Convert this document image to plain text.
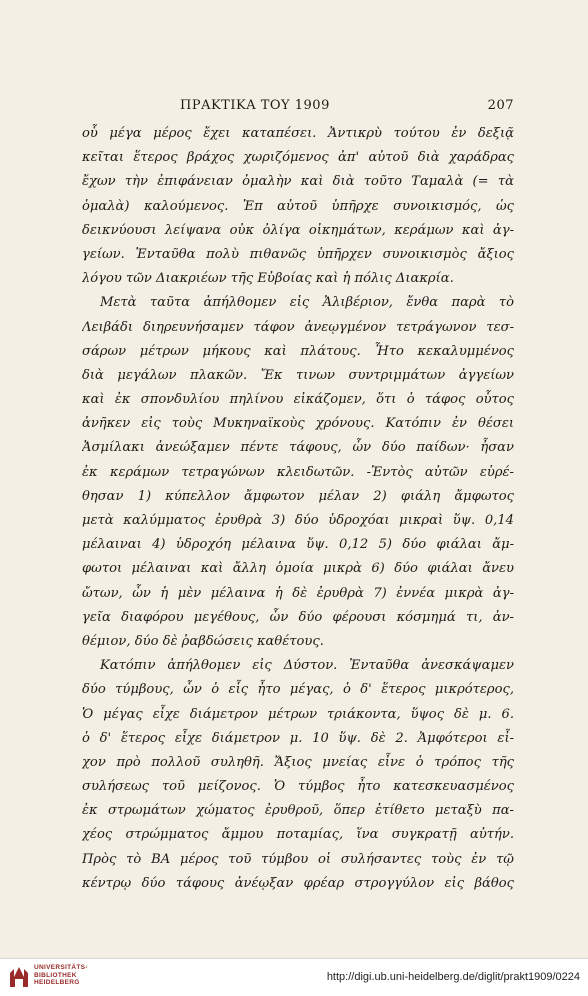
ΠΡΑΚΤΙΚΑ ΤΟΥ 1909	207
οὗ μέγα μέρος ἔχει καταπέσει. Ἀντικρὺ τούτου ἐν δεξιᾷ
κεῖται ἕτερος βράχος χωριζόμενος ἀπ' αὐτοῦ διὰ χαράδρας
ἔχων τὴν ἐπιφάνειαν ὁμαλὴν καὶ διὰ τοῦτο Ταμαλὰ (= τὰ
ὁμαλὰ) καλούμενος. Ἐπ αὐτοῦ ὑπῆρχε συνοικισμός, ὡς
δεικνύουσι λείψανα οὐκ ὀλίγα οἰκημάτων, κεράμων καὶ ἀγ-
γείων. Ἐνταῦθα πολὺ πιθανῶς ὑπῆρχεν συνοικισμὸς ἄξιος
λόγου τῶν Διακριέων τῆς Εὐβοίας καὶ ἡ πόλις Διακρία.
Μετὰ ταῦτα ἀπήλθομεν εἰς Ἀλιβέριον, ἔνθα παρὰ τὸ
Λειβάδι διηρευνήσαμεν τάφον ἀνεῳγμένον τετράγωνον τεσ-
σάρων μέτρων μήκους καὶ πλάτους. Ἦτο κεκαλυμμένος
διὰ μεγάλων πλακῶν. Ἔκ τινων συντριμμάτων ἀγγείων
καὶ ἐκ σπονδυλίου πηλίνου εἰκάζομεν, ὅτι ὁ τάφος οὗτος
ἀνῆκεν εἰς τοὺς Μυκηναϊκοὺς χρόνους. Κατόπιν ἐν θέσει
Ἀσμίλακι ἀνεώξαμεν πέντε τάφους, ὧν δύο παίδων· ἦσαν
ἐκ κεράμων τετραγώνων κλειδωτῶν. -Ἐντὸς αὐτῶν εὑρέ-
θησαν 1) κύπελλον ἄμφωτον μέλαν 2) φιάλη ἄμφωτος
μετὰ καλύμματος ἐρυθρὰ 3) δύο ὑδροχόαι μικραὶ ὕψ. 0,14
μέλαιναι 4) ὑδροχόη μέλαινα ὕψ. 0,12 5) δύο φιάλαι ἄμ-
φωτοι μέλαιναι καὶ ἄλλη ὁμοία μικρὰ 6) δύο φιάλαι ἄνευ
ὤτων, ὧν ἡ μὲν μέλαινα ἡ δὲ ἐρυθρὰ 7) ἐννέα μικρὰ ἀγ-
γεῖα διαφόρου μεγέθους, ὧν δύο φέρουσι κόσμημά τι, ἀν-
θέμιον, δύο δὲ ῥαβδώσεις καθέτους.
Κατόπιν ἀπήλθομεν εἰς Δύστον. Ἐνταῦθα ἀνεσκάψαμεν
δύο τύμβους, ὧν ὁ εἷς ἦτο μέγας, ὁ δ' ἕτερος μικρότερος,
Ὁ μέγας εἶχε διάμετρον μέτρων τριάκοντα, ὕψος δὲ μ. 6.
ὁ δ' ἕτερος εἶχε διάμετρον μ. 10 ὕψ. δὲ 2. Ἀμφότεροι εἶ-
χον πρὸ πολλοῦ συληθῆ. Ἄξιος μνείας εἶνε ὁ τρόπος τῆς
συλήσεως τοῦ μείζονος. Ὁ τύμβος ἦτο κατεσκευασμένος
ἐκ στρωμάτων χώματος ἐρυθροῦ, ὅπερ ἐτίθετο μεταξὺ πα-
χέος στρώμματος ἄμμου ποταμίας, ἵνα συγκρατῇ αὐτήν.
Πρὸς τὸ ΒΑ μέρος τοῦ τύμβου οἱ συλήσαντες τοὺς ἐν τῷ
κέντρῳ δύο τάφους ἀνέῳξαν φρέαρ στρογγύλον εἰς βάθος
UNIVERSITÄTS-
BIBLIOTHEK
HEIDELBERG	http://digi.ub.uni-heidelberg.de/diglit/prakt1909/0224
